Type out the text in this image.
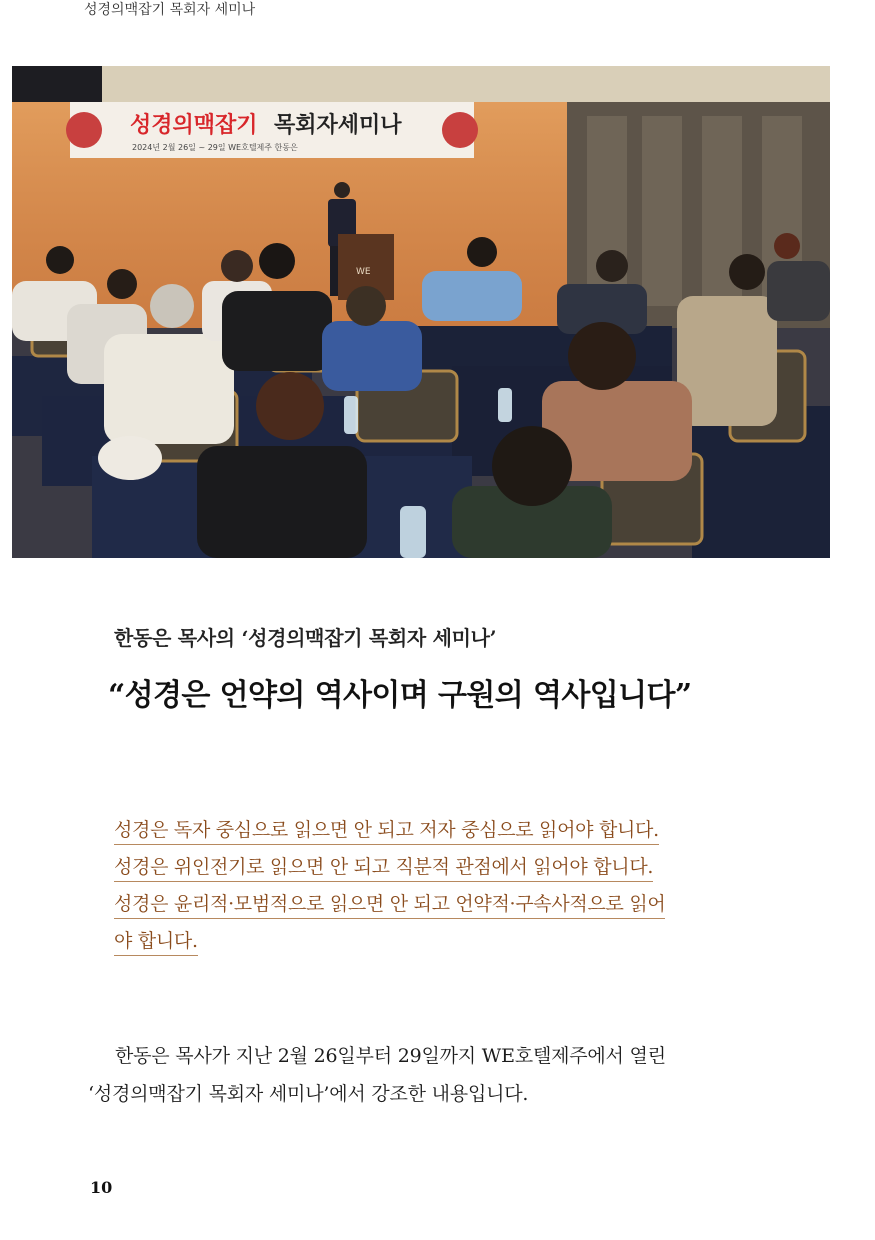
성경의맥잡기 목회자 세미나
성경의맥잡기 목회자세미나
2024년 2월 26일 ~ 29일 WE호텔제주 한동은
WE
한동은 목사의 ‘성경의맥잡기 목회자 세미나’
“성경은 언약의 역사이며 구원의 역사입니다”
성경은 독자 중심으로 읽으면 안 되고 저자 중심으로 읽어야 합니다.
성경은 위인전기로 읽으면 안 되고 직분적 관점에서 읽어야 합니다.
성경은 윤리적·모범적으로 읽으면 안 되고 언약적·구속사적으로 읽어
야 합니다.
한동은 목사가 지난 2월 26일부터 29일까지 WE호텔제주에서 열린
‘성경의맥잡기 목회자 세미나’에서 강조한 내용입니다.
10
